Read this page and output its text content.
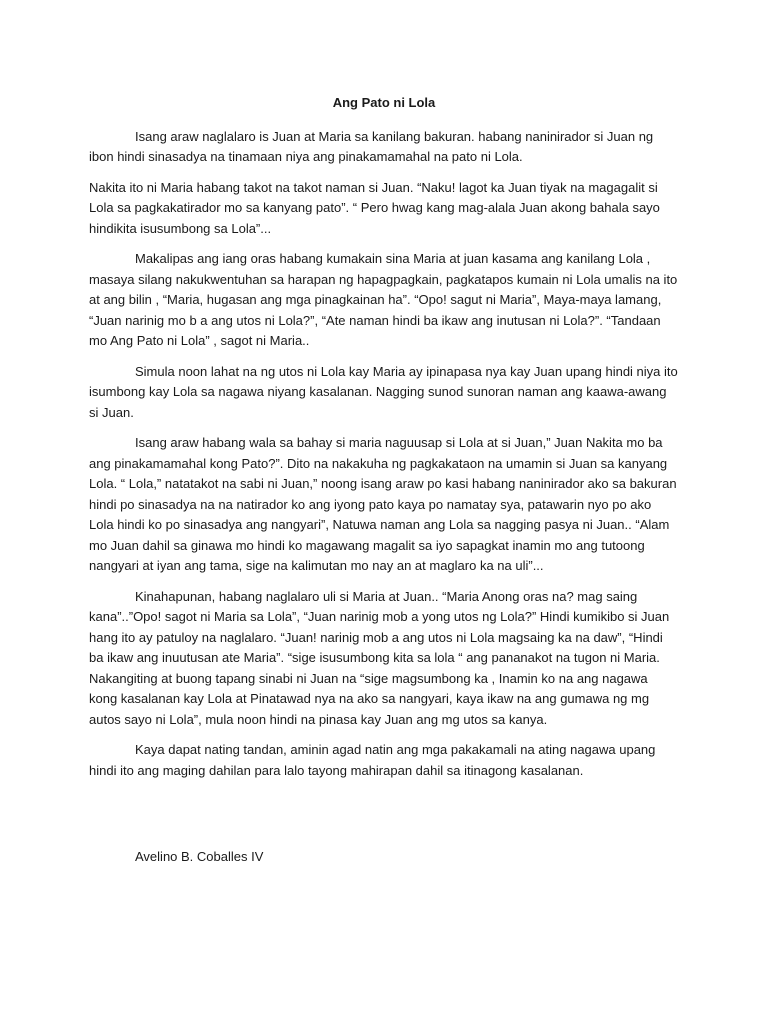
Ang Pato ni Lola

Isang araw naglalaro is Juan at Maria sa kanilang bakuran. habang naninirador si Juan ng ibon hindi sinasadya na tinamaan niya ang pinakamamahal na pato ni Lola.

Nakita ito ni Maria habang takot na takot naman si Juan. “Naku! lagot ka Juan tiyak na magagalit si Lola sa pagkakatirador mo sa kanyang pato”. “ Pero hwag kang mag-alala Juan akong bahala sayo hindikita isusumbong sa Lola”...

Makalipas ang iang oras habang kumakain sina Maria at juan kasama ang kanilang Lola , masaya silang nakukwentuhan sa harapan ng hapagpagkain, pagkatapos kumain ni Lola umalis na ito at ang bilin , “Maria, hugasan ang mga pinagkainan ha”. “Opo! sagut ni Maria”, Maya-maya lamang, “Juan narinig mo b a ang utos ni Lola?”, “Ate naman hindi ba ikaw ang inutusan ni Lola?”. “Tandaan mo Ang Pato ni Lola” , sagot ni Maria..

Simula noon lahat na ng utos ni Lola kay Maria ay ipinapasa nya kay Juan upang hindi niya ito isumbong kay Lola sa nagawa niyang kasalanan. Nagging sunod sunoran naman ang kaawa-awang si Juan.

Isang araw habang wala sa bahay si maria naguusap si Lola at si Juan,” Juan Nakita mo ba ang pinakamamahal kong Pato?”. Dito na nakakuha ng pagkakataon na umamin si Juan sa kanyang Lola. “ Lola,” natatakot na sabi ni Juan,” noong isang araw po kasi habang naninirador ako sa bakuran hindi po sinasadya na na natirador ko ang iyong pato kaya po namatay sya, patawarin nyo po ako Lola hindi ko po sinasadya ang nangyari”, Natuwa naman ang Lola sa nagging pasya ni Juan.. “Alam mo Juan dahil sa ginawa mo hindi ko magawang magalit sa iyo sapagkat inamin mo ang tutoong nangyari at iyan ang tama, sige na kalimutan mo nay an at maglaro ka na uli”...

Kinahapunan, habang naglalaro uli si Maria at Juan.. “Maria Anong oras na? mag saing kana”..”Opo! sagot ni Maria sa Lola”, “Juan narinig mob a yong utos ng Lola?” Hindi kumikibo si Juan hang ito ay patuloy na naglalaro. “Juan! narinig mob a ang utos ni Lola magsaing ka na daw”, “Hindi ba ikaw ang inuutusan ate Maria”. “sige isusumbong kita sa lola “ ang pananakot na tugon ni Maria. Nakangiting at buong tapang sinabi ni Juan na “sige magsumbong ka , Inamin ko na ang nagawa kong kasalanan kay Lola at Pinatawad nya na ako sa nangyari, kaya ikaw na ang gumawa ng mg autos sayo ni Lola”, mula noon hindi na pinasa kay Juan ang mg utos sa kanya.

Kaya dapat nating tandan, aminin agad natin ang mga pakakamali na ating nagawa upang hindi ito ang maging dahilan para lalo tayong mahirapan dahil sa itinagong kasalanan.

Avelino B. Coballes IV
